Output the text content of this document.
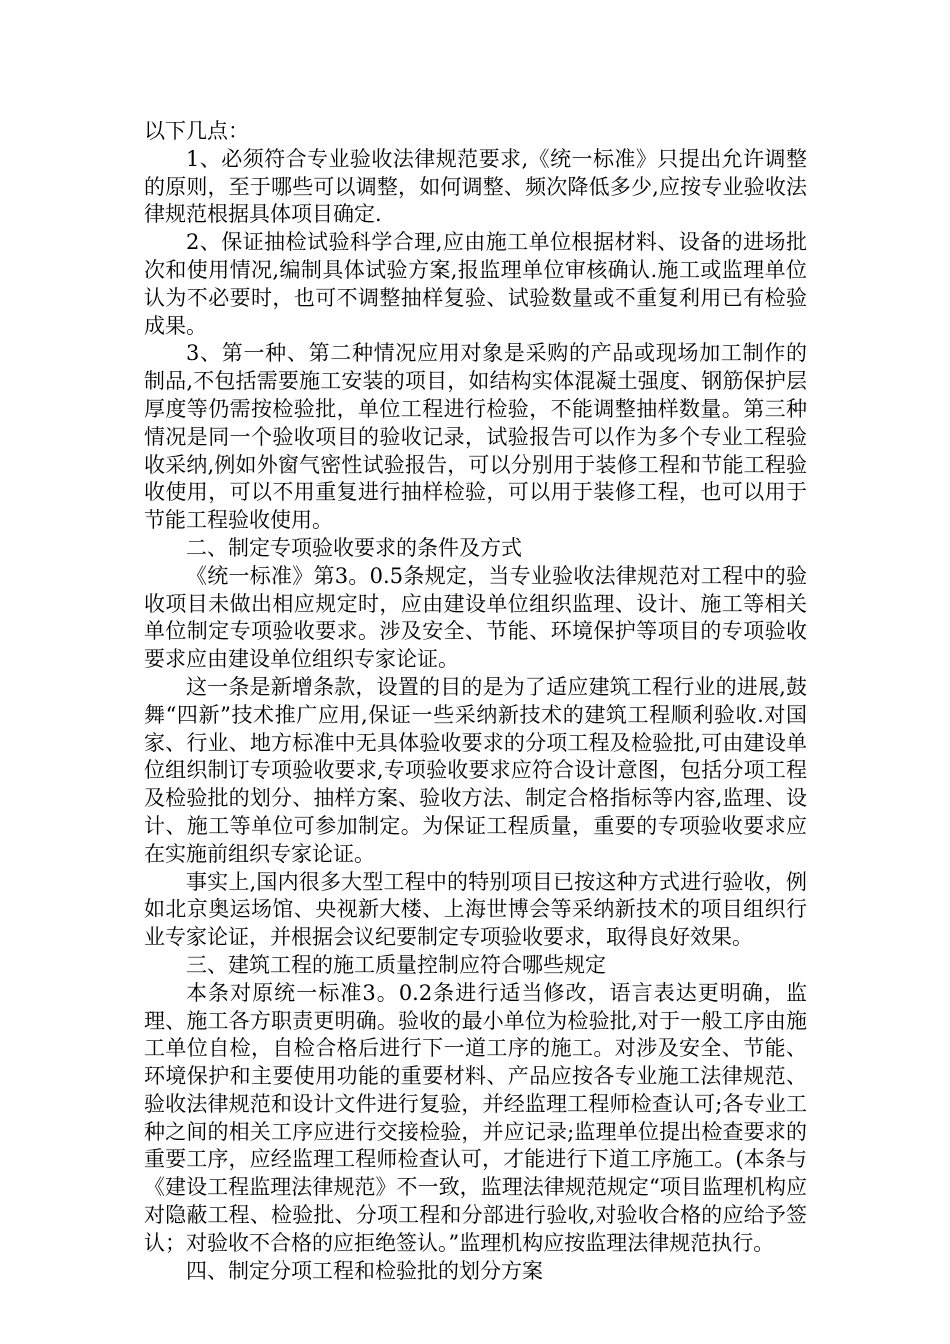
以下几点：

1、必须符合专业验收法律规范要求,《统一标准》只提出允许调整的原则，至于哪些可以调整，如何调整、频次降低多少,应按专业验收法律规范根据具体项目确定.

2、保证抽检试验科学合理,应由施工单位根据材料、设备的进场批次和使用情况,编制具体试验方案,报监理单位审核确认.施工或监理单位认为不必要时，也可不调整抽样复验、试验数量或不重复利用已有检验成果。

3、第一种、第二种情况应用对象是采购的产品或现场加工制作的制品,不包括需要施工安装的项目，如结构实体混凝土强度、钢筋保护层厚度等仍需按检验批，单位工程进行检验，不能调整抽样数量。第三种情况是同一个验收项目的验收记录，试验报告可以作为多个专业工程验收采纳,例如外窗气密性试验报告，可以分别用于装修工程和节能工程验收使用，可以不用重复进行抽样检验，可以用于装修工程，也可以用于节能工程验收使用。

二、制定专项验收要求的条件及方式

《统一标准》第3。0.5条规定，当专业验收法律规范对工程中的验收项目未做出相应规定时，应由建设单位组织监理、设计、施工等相关单位制定专项验收要求。涉及安全、节能、环境保护等项目的专项验收要求应由建设单位组织专家论证。

这一条是新增条款，设置的目的是为了适应建筑工程行业的进展,鼓舞“四新”技术推广应用,保证一些采纳新技术的建筑工程顺利验收.对国家、行业、地方标准中无具体验收要求的分项工程及检验批,可由建设单位组织制订专项验收要求,专项验收要求应符合设计意图，包括分项工程及检验批的划分、抽样方案、验收方法、制定合格指标等内容,监理、设计、施工等单位可参加制定。为保证工程质量，重要的专项验收要求应在实施前组织专家论证。

事实上,国内很多大型工程中的特别项目已按这种方式进行验收，例如北京奥运场馆、央视新大楼、上海世博会等采纳新技术的项目组织行业专家论证，并根据会议纪要制定专项验收要求，取得良好效果。

三、建筑工程的施工质量控制应符合哪些规定

本条对原统一标准3。0.2条进行适当修改，语言表达更明确，监理、施工各方职责更明确。验收的最小单位为检验批,对于一般工序由施工单位自检，自检合格后进行下一道工序的施工。对涉及安全、节能、环境保护和主要使用功能的重要材料、产品应按各专业施工法律规范、验收法律规范和设计文件进行复验，并经监理工程师检查认可;各专业工种之间的相关工序应进行交接检验，并应记录;监理单位提出检查要求的重要工序，应经监理工程师检查认可，才能进行下道工序施工。(本条与《建设工程监理法律规范》不一致，监理法律规范规定“项目监理机构应对隐蔽工程、检验批、分项工程和分部进行验收,对验收合格的应给予签认；对验收不合格的应拒绝签认。”监理机构应按监理法律规范执行。

四、制定分项工程和检验批的划分方案
